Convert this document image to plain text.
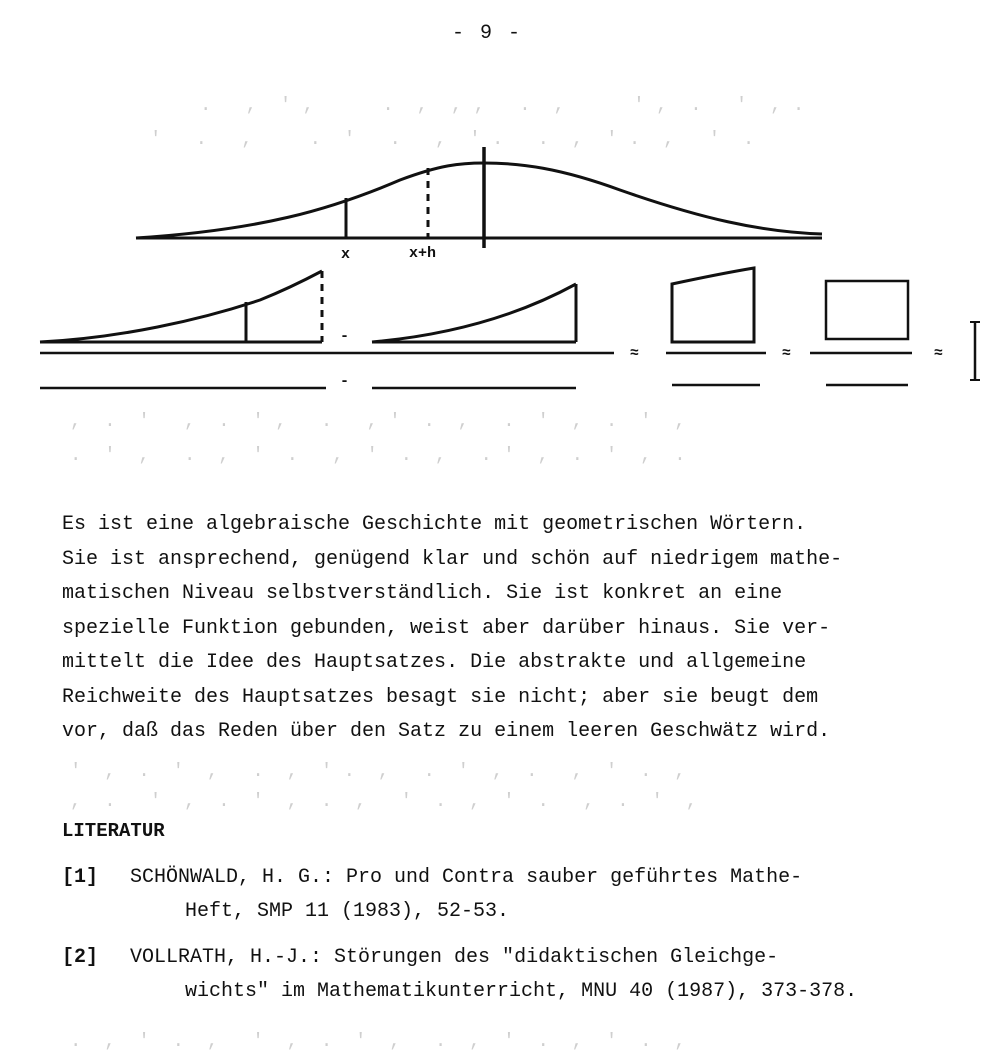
- 9 -
.   ,  ' ,      .  ,  , ,   .  ,      ' ,  .   '  , .
'   .   ,     .  '   .   ,  ' .   .  ,  ' .  ,   '  .
,  .  '   ,  .  ' ,   .   , '  .  ,   .  '  ,  .  '  ,
.  '  ,   .  ,  '  .   ,  '  .  ,   . '  ,  .  '  ,  .
'  ,  .  '  ,   .  ,  ' .  ,   .  '  ,  .   ,  '  .  ,
,  .   '  ,  .  '  ,  .  ,   '  .  ,  '  .   ,  .  '  ,
.  ,  '  .  ,   '  ,  .  '  ,   .  ,  '  .  ,  '  .  ,
x	x+h
-
-
≈	≈	≈

Es ist eine algebraische Geschichte mit geometrischen Wörtern.

Sie ist ansprechend, genügend klar und schön auf niedrigem mathe-

matischen Niveau selbstverständlich. Sie ist konkret an eine

spezielle Funktion gebunden, weist aber darüber hinaus. Sie ver-

mittelt die Idee des Hauptsatzes. Die abstrakte und allgemeine

Reichweite des Hauptsatzes besagt sie nicht; aber sie beugt dem

vor, daß das Reden über den Satz zu einem leeren Geschwätz wird.

LITERATUR
[1] SCHÖNWALD, H. G.: Pro und Contra sauber geführtes Mathe-
Heft, SMP 11 (1983), 52-53.
[2] VOLLRATH, H.-J.: Störungen des "didaktischen Gleichge-
wichts" im Mathematikunterricht, MNU 40 (1987), 373-378.
